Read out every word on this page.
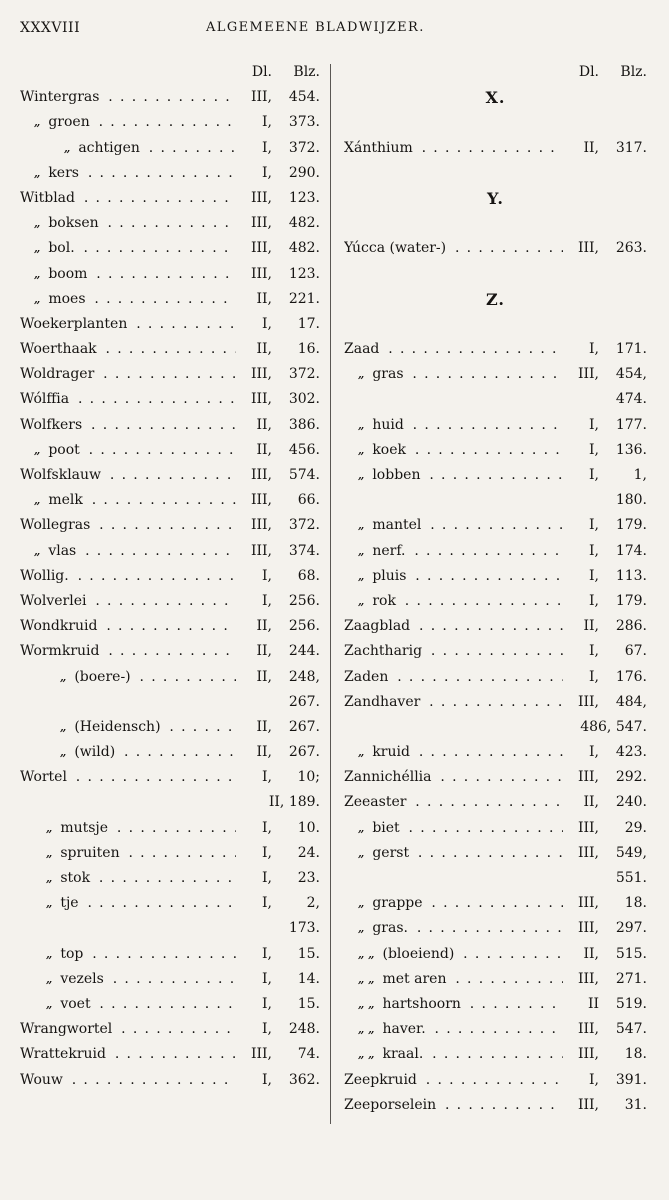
XXXVIII	ALGEMEENE BLADWIJZER.
Dl.	Blz.
Wintergras . . .	III,	454.
„ groen . . .	I,	373.
„ achtigen . . .	I,	372.
„ kers . . .	I,	290.
Witblad . . .	III,	123.
„ boksen . . .	III,	482.
„ bol. . . .	III,	482.
„ boom . . .	III,	123.
„ moes . . .	II,	221.
Woekerplanten . . .	I,	17.
Woerthaak . . .	II,	16.
Woldrager . . .	III,	372.
Wólffia . . .	III,	302.
Wolfkers . . .	II,	386.
„ poot . . .	II,	456.
Wolfsklauw . . .	III,	574.
„ melk . . .	III,	66.
Wollegras . . .	III,	372.
„ vlas . . .	III,	374.
Wollig. . . .	I,	68.
Wolverlei . . .	I,	256.
Wondkruid . . .	II,	256.
Wormkruid . . .	II,	244.
„ (boere-) . . .	II,	248,
267.
„ (Heidensch) . . .	II,	267.
„ (wild) . . .	II,	267.
Wortel . . .	I,	10;
II, 189.
„ mutsje . . .	I,	10.
„ spruiten . . .	I,	24.
„ stok . . .	I,	23.
„ tje . . .	I,	2,
173.
„ top . . .	I,	15.
„ vezels . . .	I,	14.
„ voet . . .	I,	15.
Wrangwortel . . .	I,	248.
Wrattekruid . . .	III,	74.
Wouw . . .	I,	362.
Dl.	Blz.
X.
Xánthium . . .	II,	317.
Y.
Yúcca (water-) . . .	III,	263.
Z.
Zaad . . .	I,	171.
„ gras . . .	III,	454,
474.
„ huid . . .	I,	177.
„ koek . . .	I,	136.
„ lobben . . .	I,	1,
180.
„ mantel . . .	I,	179.
„ nerf. . . .	I,	174.
„ pluis . . .	I,	113.
„ rok . . .	I,	179.
Zaagblad . . .	II,	286.
Zachtharig . . .	I,	67.
Zaden . . .	I,	176.
Zandhaver . . .	III,	484,
486, 547.
„ kruid . . .	I,	423.
Zannichéllia . . .	III,	292.
Zeeaster . . .	II,	240.
„ biet . . .	III,	29.
„ gerst . . .	III,	549,
551.
„ grappe . . .	III,	18.
„ gras. . . .	III,	297.
„ „ (bloeiend) . . .	II,	515.
„ „ met aren . . .	III,	271.
„ „ hartshoorn . . .	II	519.
„ „ haver. . . .	III,	547.
„ „ kraal. . . .	III,	18.
Zeepkruid . . .	I,	391.
Zeeporselein . . .	III,	31.
